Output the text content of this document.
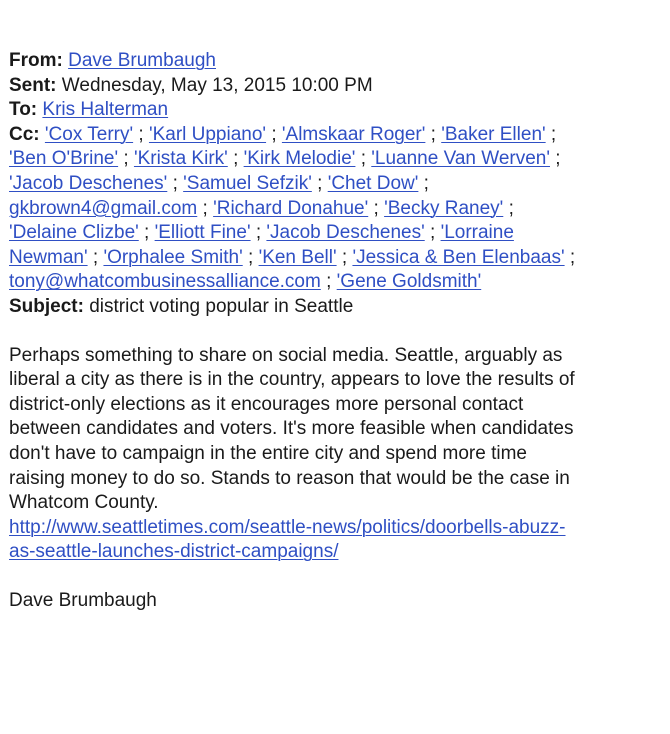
From: Dave Brumbaugh
Sent: Wednesday, May 13, 2015 10:00 PM
To: Kris Halterman
Cc: 'Cox Terry' ; 'Karl Uppiano' ; 'Almskaar Roger' ; 'Baker Ellen' ;
'Ben O'Brine' ; 'Krista Kirk' ; 'Kirk Melodie' ; 'Luanne Van Werven' ;
'Jacob Deschenes' ; 'Samuel Sefzik' ; 'Chet Dow' ;
gkbrown4@gmail.com ; 'Richard Donahue' ; 'Becky Raney' ;
'Delaine Clizbe' ; 'Elliott Fine' ; 'Jacob Deschenes' ; 'Lorraine
Newman' ; 'Orphalee Smith' ; 'Ken Bell' ; 'Jessica & Ben Elenbaas' ;
tony@whatcombusinessalliance.com ; 'Gene Goldsmith'
Subject: district voting popular in Seattle
Perhaps something to share on social media. Seattle, arguably as
liberal a city as there is in the country, appears to love the results of
district-only elections as it encourages more personal contact
between candidates and voters. It's more feasible when candidates
don't have to campaign in the entire city and spend more time
raising money to do so. Stands to reason that would be the case in
Whatcom County.
http://www.seattletimes.com/seattle-news/politics/doorbells-abuzz-
as-seattle-launches-district-campaigns/
Dave Brumbaugh
